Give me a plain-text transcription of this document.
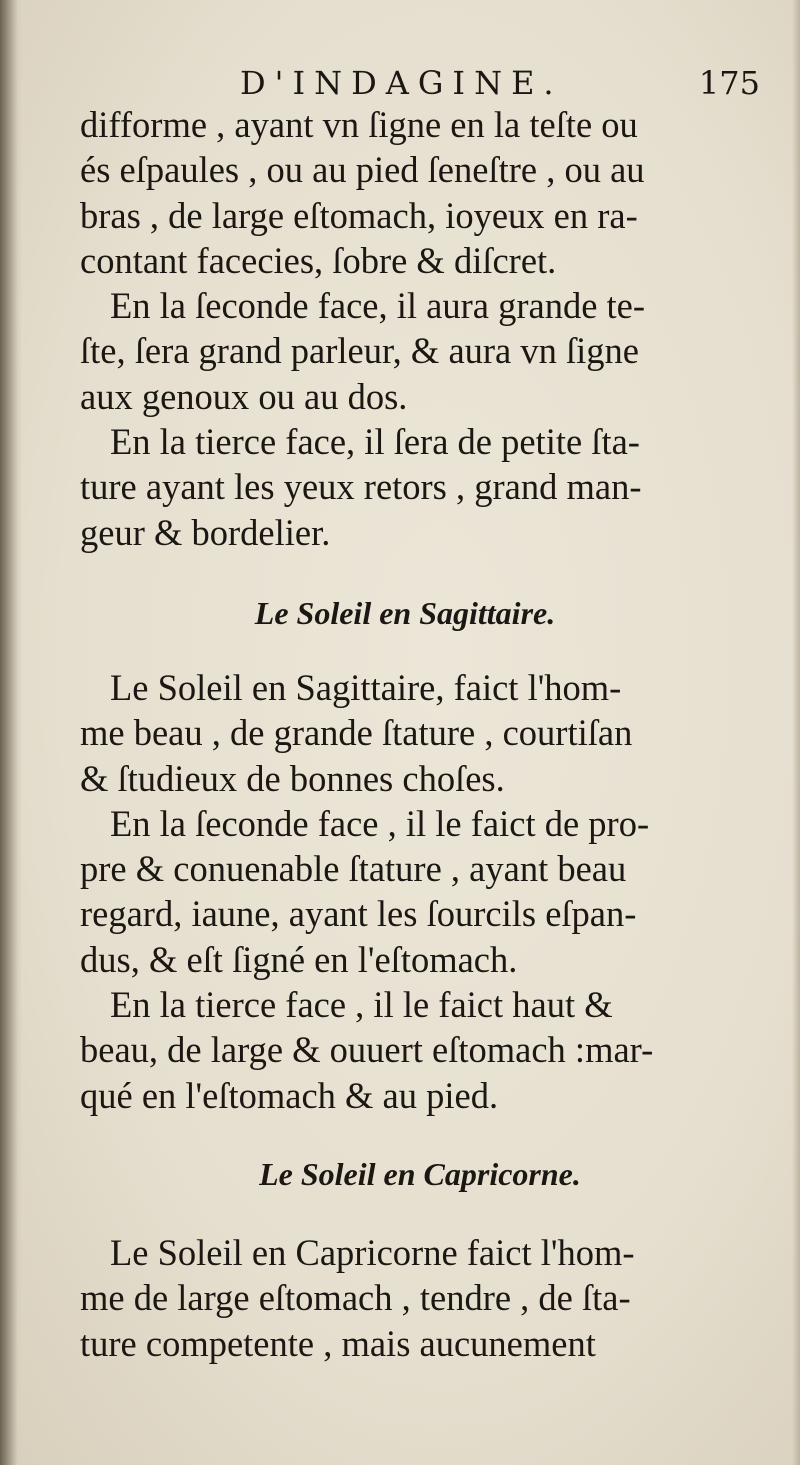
D'INDAGINE.	175
difforme , ayant vn ſigne en la teſte ou
és eſpaules , ou au pied ſeneſtre , ou au
bras , de large eſtomach, ioyeux en ra-
contant facecies, ſobre & diſcret.
En la ſeconde face, il aura grande te-
ſte, ſera grand parleur, & aura vn ſigne
aux genoux ou au dos.
En la tierce face, il ſera de petite ſta-
ture ayant les yeux retors , grand man-
geur & bordelier.
Le Soleil en Sagittaire.
Le Soleil en Sagittaire, faict l'hom-
me beau , de grande ſtature , courtiſan
& ſtudieux de bonnes choſes.
En la ſeconde face , il le faict de pro-
pre & conuenable ſtature , ayant beau
regard, iaune, ayant les ſourcils eſpan-
dus, & eſt ſigné en l'eſtomach.
En la tierce face , il le faict haut &
beau, de large & ouuert eſtomach :mar-
qué en l'eſtomach & au pied.
Le Soleil en Capricorne.
Le Soleil en Capricorne faict l'hom-
me de large eſtomach , tendre , de ſta-
ture competente , mais aucunement
